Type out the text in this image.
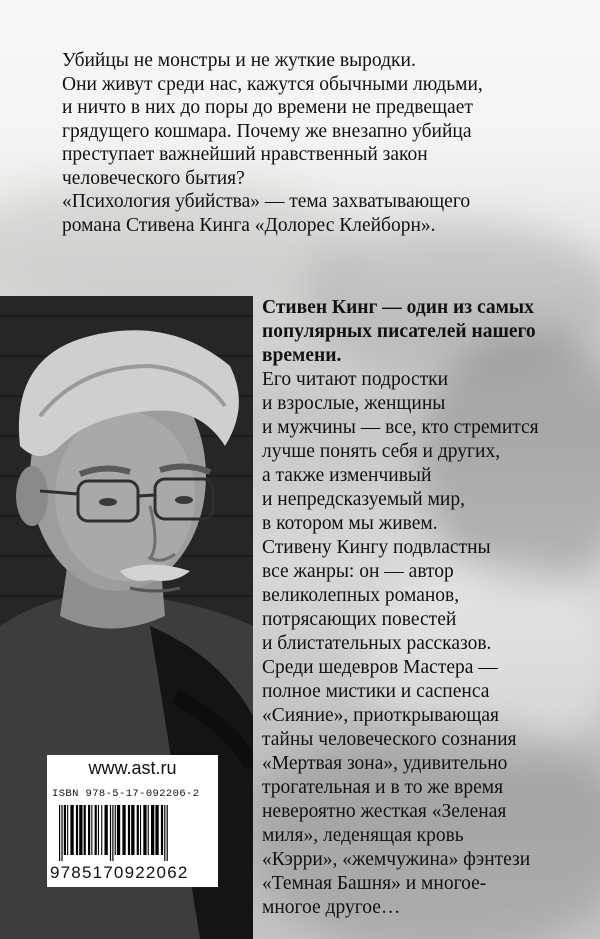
Убийцы не монстры и не жуткие выродки.
Они живут среди нас, кажутся обычными людьми,
и ничто в них до поры до времени не предвещает
грядущего кошмара. Почему же внезапно убийца
преступает важнейший нравственный закон
человеческого бытия?
«Психология убийства» — тема захватывающего
романа Стивена Кинга «Долорес Клейборн».
Стивен Кинг — один из самых
популярных писателей нашего
времени.
Его читают подростки
и взрослые, женщины
и мужчины — все, кто стремится
лучше понять себя и других,
а также изменчивый
и непредсказуемый мир,
в котором мы живем.
Стивену Кингу подвластны
все жанры: он — автор
великолепных романов,
потрясающих повестей
и блистательных рассказов.
Среди шедевров Мастера —
полное мистики и саспенса
«Сияние», приоткрывающая
тайны человеческого сознания
«Мертвая зона», удивительно
трогательная и в то же время
невероятно жесткая «Зеленая
миля», леденящая кровь
«Кэрри», «жемчужина» фэнтези
«Темная Башня» и многое-
многое другое…
www.ast.ru
ISBN 978-5-17-092206-2
9785170922062
